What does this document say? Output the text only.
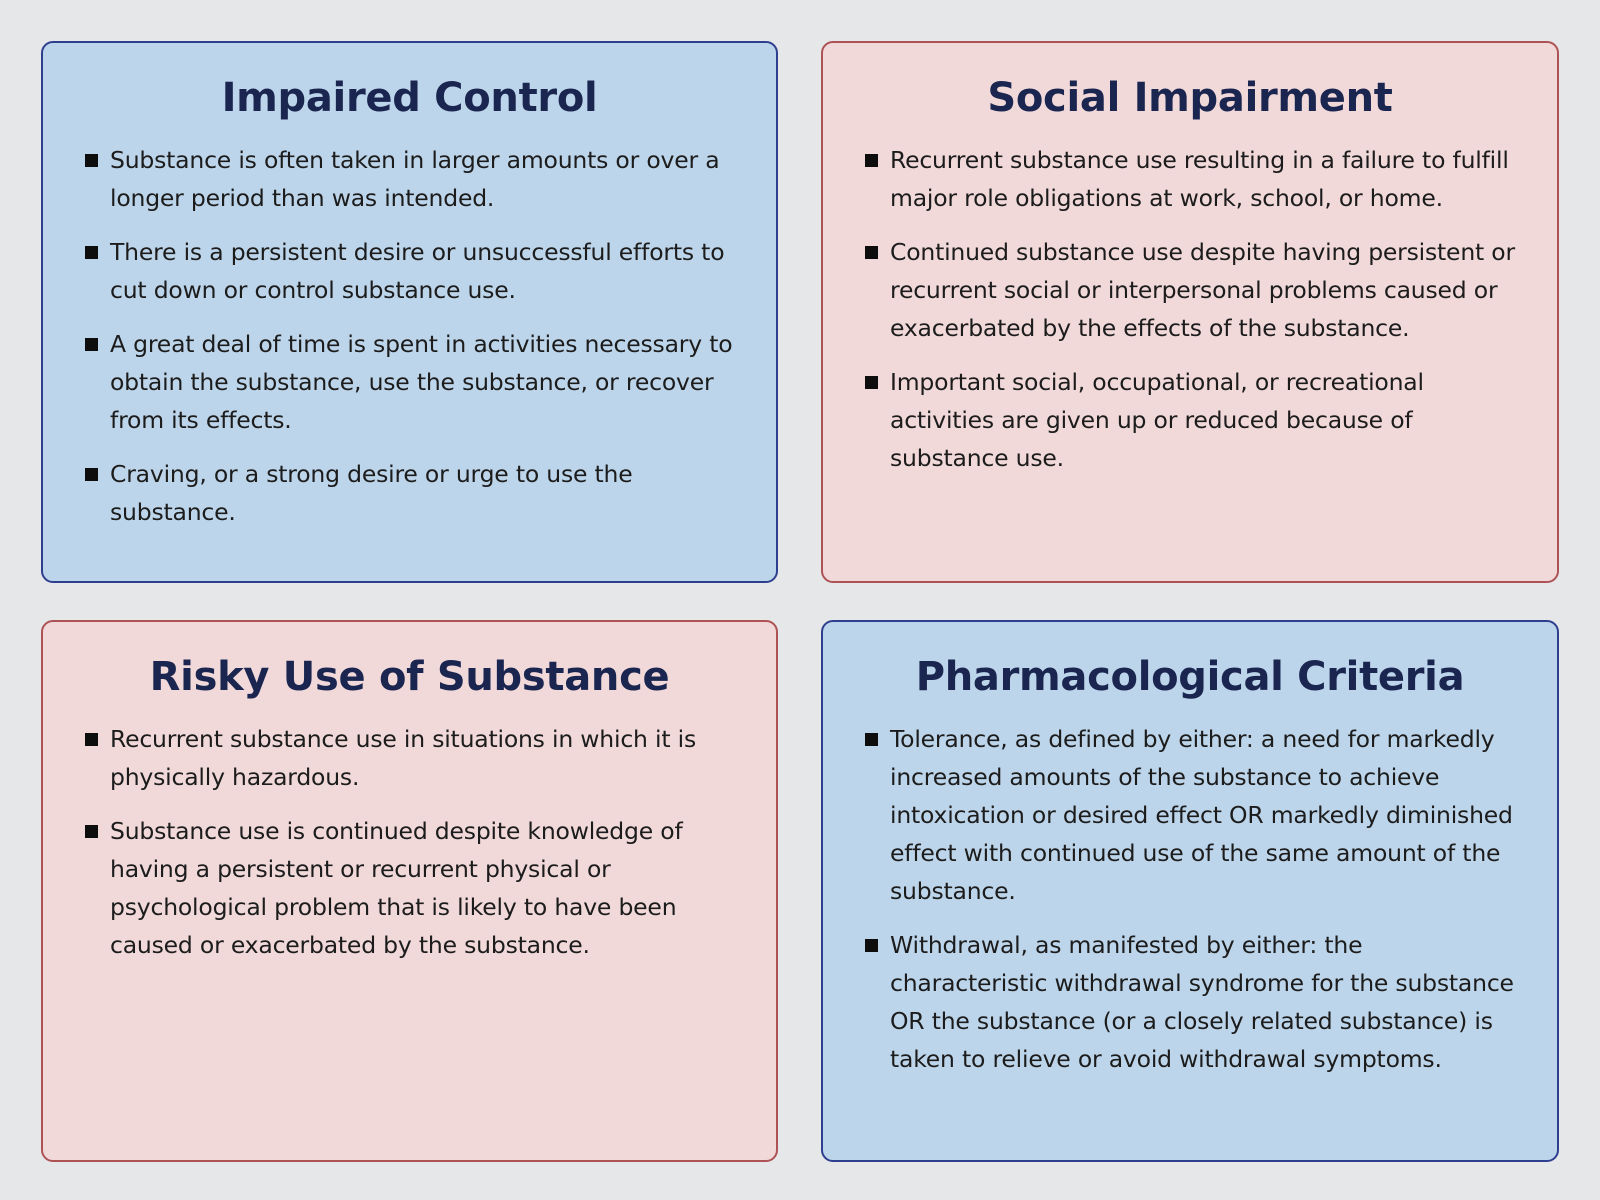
Impaired Control
Substance is often taken in larger amounts or over a longer period than was intended.
There is a persistent desire or unsuccessful efforts to cut down or control substance use.
A great deal of time is spent in activities necessary to obtain the substance, use the substance, or recover from its effects.
Craving, or a strong desire or urge to use the substance.
Social Impairment
Recurrent substance use resulting in a failure to fulfill major role obligations at work, school, or home.
Continued substance use despite having persistent or recurrent social or interpersonal problems caused or exacerbated by the effects of the substance.
Important social, occupational, or recreational activities are given up or reduced because of substance use.
Risky Use of Substance
Recurrent substance use in situations in which it is physically hazardous.
Substance use is continued despite knowledge of having a persistent or recurrent physical or psychological problem that is likely to have been caused or exacerbated by the substance.
Pharmacological Criteria
Tolerance, as defined by either: a need for markedly increased amounts of the substance to achieve intoxication or desired effect OR markedly diminished effect with continued use of the same amount of the substance.
Withdrawal, as manifested by either: the characteristic withdrawal syndrome for the substance OR the substance (or a closely related substance) is taken to relieve or avoid withdrawal symptoms.
